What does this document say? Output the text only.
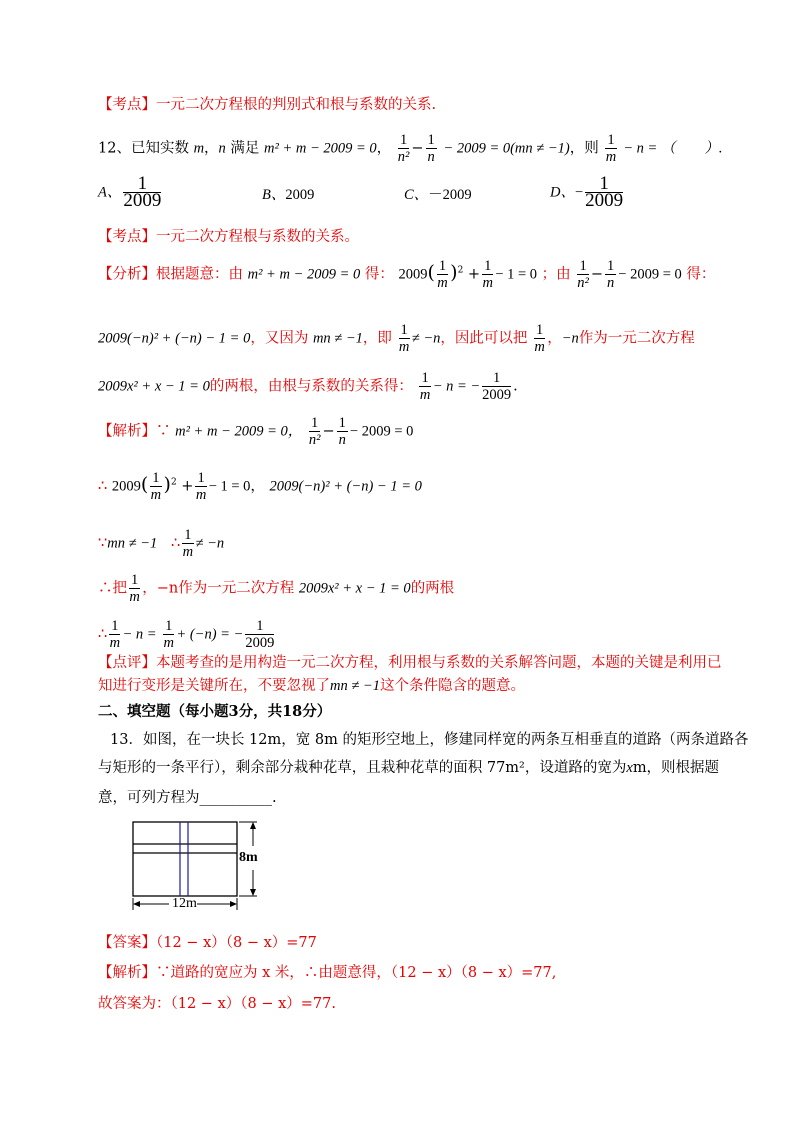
【考点】一元二次方程根的判别式和根与系数的关系.
12、已知实数 m，n 满足 m² + m − 2009 = 0， $\frac{1}{\text{n²}} - \frac{1}{n} - 2009 = 0(mn \ne -1)$，则 $\frac{1}{m} - n$ = （　　）.
A、 $\frac{1}{2009}$	B、2009	C、－2009	D、− $\frac{1}{2009}$
【考点】一元二次方程根与系数的关系。
【分析】根据题意：由 m² + m − 2009 = 0 得： $2009( \frac{1}{m} )^2 + \frac{1}{m} - 1 = 0$ ；由 $\frac{1}{\text{n²}} - \frac{1}{n} - 2009 = 0$ 得：
2009(−n)² + (−n) − 1 = 0，又因为 mn ≠ −1，即 $\frac{1}{m} \ne -n$，因此可以把 $\frac{1}{m}$ ，−n作为一元二次方程
2009x² + x − 1 = 0的两根，由根与系数的关系得： $\frac{1}{m} - n$ = − $\frac{1}{2009}$ .
【解析】∵ m² + m − 2009 = 0， $\frac{1}{\text{n²}} - \frac{1}{n} - 2009 = 0$
∴ $2009( \frac{1}{m} )^2 + \frac{1}{m} - 1 = 0$， 2009(−n)² + (−n) − 1 = 0
∵mn ≠ −1 ∴ $\frac{1}{m} \ne -n$
∴把 $\frac{1}{m}$ ，−n作为一元二次方程 2009x² + x − 1 = 0的两根
∴ $\frac{1}{m} - n = \frac{1}{m} + (-n)$ = − $\frac{1}{2009}$
【点评】本题考查的是用构造一元二次方程，利用根与系数的关系解答问题，本题的关键是利用已
知进行变形是关键所在，不要忽视了mn ≠ −1这个条件隐含的题意。
二、填空题（每小题3分，共18分）
13．如图，在一块长 12m，宽 8m 的矩形空地上，修建同样宽的两条互相垂直的道路（两条道路各
与矩形的一条平行），剩余部分栽种花草，且栽种花草的面积 77m²，设道路的宽为xm，则根据题
意，可列方程为__________.
8m
12m
【答案】（12 − x）（8 − x）=77
【解析】∵道路的宽应为 x 米，∴由题意得，（12 − x）（8 − x）=77,
故答案为：（12 − x）（8 − x）=77.
